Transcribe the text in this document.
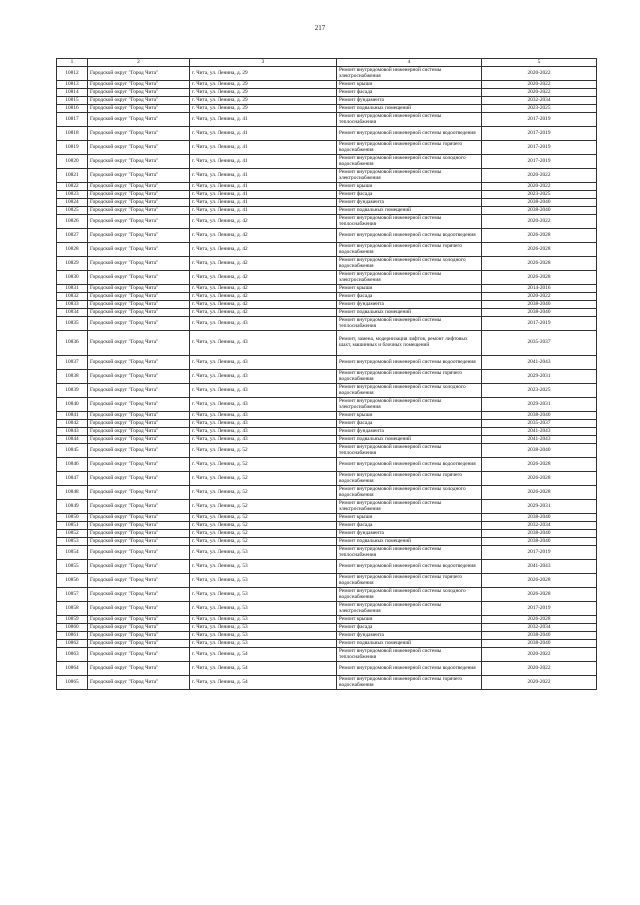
217
1	2	3	4	5
10812	Городской округ "Город Чита"	г. Чита, ул. Ленина, д. 29	Ремонт внутридомовой инженерной системы электроснабжения	2020-2022
10813	Городской округ "Город Чита"	г. Чита, ул. Ленина, д. 29	Ремонт крыши	2020-2022
10814	Городской округ "Город Чита"	г. Чита, ул. Ленина, д. 29	Ремонт фасада	2020-2022
10815	Городской округ "Город Чита"	г. Чита, ул. Ленина, д. 29	Ремонт фундамента	2032-2034
10816	Городской округ "Город Чита"	г. Чита, ул. Ленина, д. 29	Ремонт подвальных помещений	2023-2025
10817	Городской округ "Город Чита"	г. Чита, ул. Ленина, д. 41	Ремонт внутридомовой инженерной системы теплоснабжения	2017-2019
10818	Городской округ "Город Чита"	г. Чита, ул. Ленина, д. 41	Ремонт внутридомовой инженерной системы водоотведения	2017-2019
10819	Городской округ "Город Чита"	г. Чита, ул. Ленина, д. 41	Ремонт внутридомовой инженерной системы горячего водоснабжения	2017-2019
10820	Городской округ "Город Чита"	г. Чита, ул. Ленина, д. 41	Ремонт внутридомовой инженерной системы холодного водоснабжения	2017-2019
10821	Городской округ "Город Чита"	г. Чита, ул. Ленина, д. 41	Ремонт внутридомовой инженерной системы электроснабжения	2020-2022
10822	Городской округ "Город Чита"	г. Чита, ул. Ленина, д. 41	Ремонт крыши	2020-2022
10823	Городской округ "Город Чита"	г. Чита, ул. Ленина, д. 41	Ремонт фасада	2023-2025
10824	Городской округ "Город Чита"	г. Чита, ул. Ленина, д. 41	Ремонт фундамента	2038-2040
10825	Городской округ "Город Чита"	г. Чита, ул. Ленина, д. 41	Ремонт подвальных помещений	2038-2040
10826	Городской округ "Город Чита"	г. Чита, ул. Ленина, д. 42	Ремонт внутридомовой инженерной системы теплоснабжения	2020-2022
10827	Городской округ "Город Чита"	г. Чита, ул. Ленина, д. 42	Ремонт внутридомовой инженерной системы водоотведения	2026-2028
10828	Городской округ "Город Чита"	г. Чита, ул. Ленина, д. 42	Ремонт внутридомовой инженерной системы горячего водоснабжения	2026-2028
10829	Городской округ "Город Чита"	г. Чита, ул. Ленина, д. 42	Ремонт внутридомовой инженерной системы холодного водоснабжения	2026-2028
10830	Городской округ "Город Чита"	г. Чита, ул. Ленина, д. 42	Ремонт внутридомовой инженерной системы электроснабжения	2026-2028
10831	Городской округ "Город Чита"	г. Чита, ул. Ленина, д. 42	Ремонт крыши	2014-2016
10832	Городской округ "Город Чита"	г. Чита, ул. Ленина, д. 42	Ремонт фасада	2020-2022
10833	Городской округ "Город Чита"	г. Чита, ул. Ленина, д. 42	Ремонт фундамента	2038-2040
10834	Городской округ "Город Чита"	г. Чита, ул. Ленина, д. 42	Ремонт подвальных помещений	2038-2040
10835	Городской округ "Город Чита"	г. Чита, ул. Ленина, д. 43	Ремонт внутридомовой инженерной системы теплоснабжения	2017-2019
10836	Городской округ "Город Чита"	г. Чита, ул. Ленина, д. 43	Ремонт, замена, модернизация лифтов, ремонт лифтовых шахт, машинных и блочных помещений	2035-2037
10837	Городской округ "Город Чита"	г. Чита, ул. Ленина, д. 43	Ремонт внутридомовой инженерной системы водоотведения	2041-2043
10838	Городской округ "Город Чита"	г. Чита, ул. Ленина, д. 43	Ремонт внутридомовой инженерной системы горячего водоснабжения	2029-2031
10839	Городской округ "Город Чита"	г. Чита, ул. Ленина, д. 43	Ремонт внутридомовой инженерной системы холодного водоснабжения	2023-2025
10840	Городской округ "Город Чита"	г. Чита, ул. Ленина, д. 43	Ремонт внутридомовой инженерной системы электроснабжения	2029-2031
10841	Городской округ "Город Чита"	г. Чита, ул. Ленина, д. 43	Ремонт крыши	2038-2040
10842	Городской округ "Город Чита"	г. Чита, ул. Ленина, д. 43	Ремонт фасада	2035-2037
10843	Городской округ "Город Чита"	г. Чита, ул. Ленина, д. 43	Ремонт фундамента	2041-2043
10844	Городской округ "Город Чита"	г. Чита, ул. Ленина, д. 43	Ремонт подвальных помещений	2041-2043
10845	Городской округ "Город Чита"	г. Чита, ул. Ленина, д. 52	Ремонт внутридомовой инженерной системы теплоснабжения	2038-2040
10846	Городской округ "Город Чита"	г. Чита, ул. Ленина, д. 52	Ремонт внутридомовой инженерной системы водоотведения	2026-2028
10847	Городской округ "Город Чита"	г. Чита, ул. Ленина, д. 52	Ремонт внутридомовой инженерной системы горячего водоснабжения	2026-2028
10848	Городской округ "Город Чита"	г. Чита, ул. Ленина, д. 52	Ремонт внутридомовой инженерной системы холодного водоснабжения	2026-2028
10849	Городской округ "Город Чита"	г. Чита, ул. Ленина, д. 52	Ремонт внутридомовой инженерной системы электроснабжения	2029-2031
10850	Городской округ "Город Чита"	г. Чита, ул. Ленина, д. 52	Ремонт крыши	2038-2040
10851	Городской округ "Город Чита"	г. Чита, ул. Ленина, д. 52	Ремонт фасада	2032-2034
10852	Городской округ "Город Чита"	г. Чита, ул. Ленина, д. 52	Ремонт фундамента	2038-2040
10853	Городской округ "Город Чита"	г. Чита, ул. Ленина, д. 52	Ремонт подвальных помещений	2038-2040
10854	Городской округ "Город Чита"	г. Чита, ул. Ленина, д. 53	Ремонт внутридомовой инженерной системы теплоснабжения	2017-2019
10855	Городской округ "Город Чита"	г. Чита, ул. Ленина, д. 53	Ремонт внутридомовой инженерной системы водоотведения	2041-2043
10856	Городской округ "Город Чита"	г. Чита, ул. Ленина, д. 53	Ремонт внутридомовой инженерной системы горячего водоснабжения	2026-2028
10857	Городской округ "Город Чита"	г. Чита, ул. Ленина, д. 53	Ремонт внутридомовой инженерной системы холодного водоснабжения	2026-2028
10858	Городской округ "Город Чита"	г. Чита, ул. Ленина, д. 53	Ремонт внутридомовой инженерной системы электроснабжения	2017-2019
10859	Городской округ "Город Чита"	г. Чита, ул. Ленина, д. 53	Ремонт крыши	2026-2028
10860	Городской округ "Город Чита"	г. Чита, ул. Ленина, д. 53	Ремонт фасада	2032-2034
10861	Городской округ "Город Чита"	г. Чита, ул. Ленина, д. 53	Ремонт фундамента	2038-2040
10862	Городской округ "Город Чита"	г. Чита, ул. Ленина, д. 53	Ремонт подвальных помещений	2038-2040
10863	Городской округ "Город Чита"	г. Чита, ул. Ленина, д. 54	Ремонт внутридомовой инженерной системы теплоснабжения	2020-2022
10864	Городской округ "Город Чита"	г. Чита, ул. Ленина, д. 54	Ремонт внутридомовой инженерной системы водоотведения	2020-2022
10865	Городской округ "Город Чита"	г. Чита, ул. Ленина, д. 54	Ремонт внутридомовой инженерной системы горячего водоснабжения	2020-2022
